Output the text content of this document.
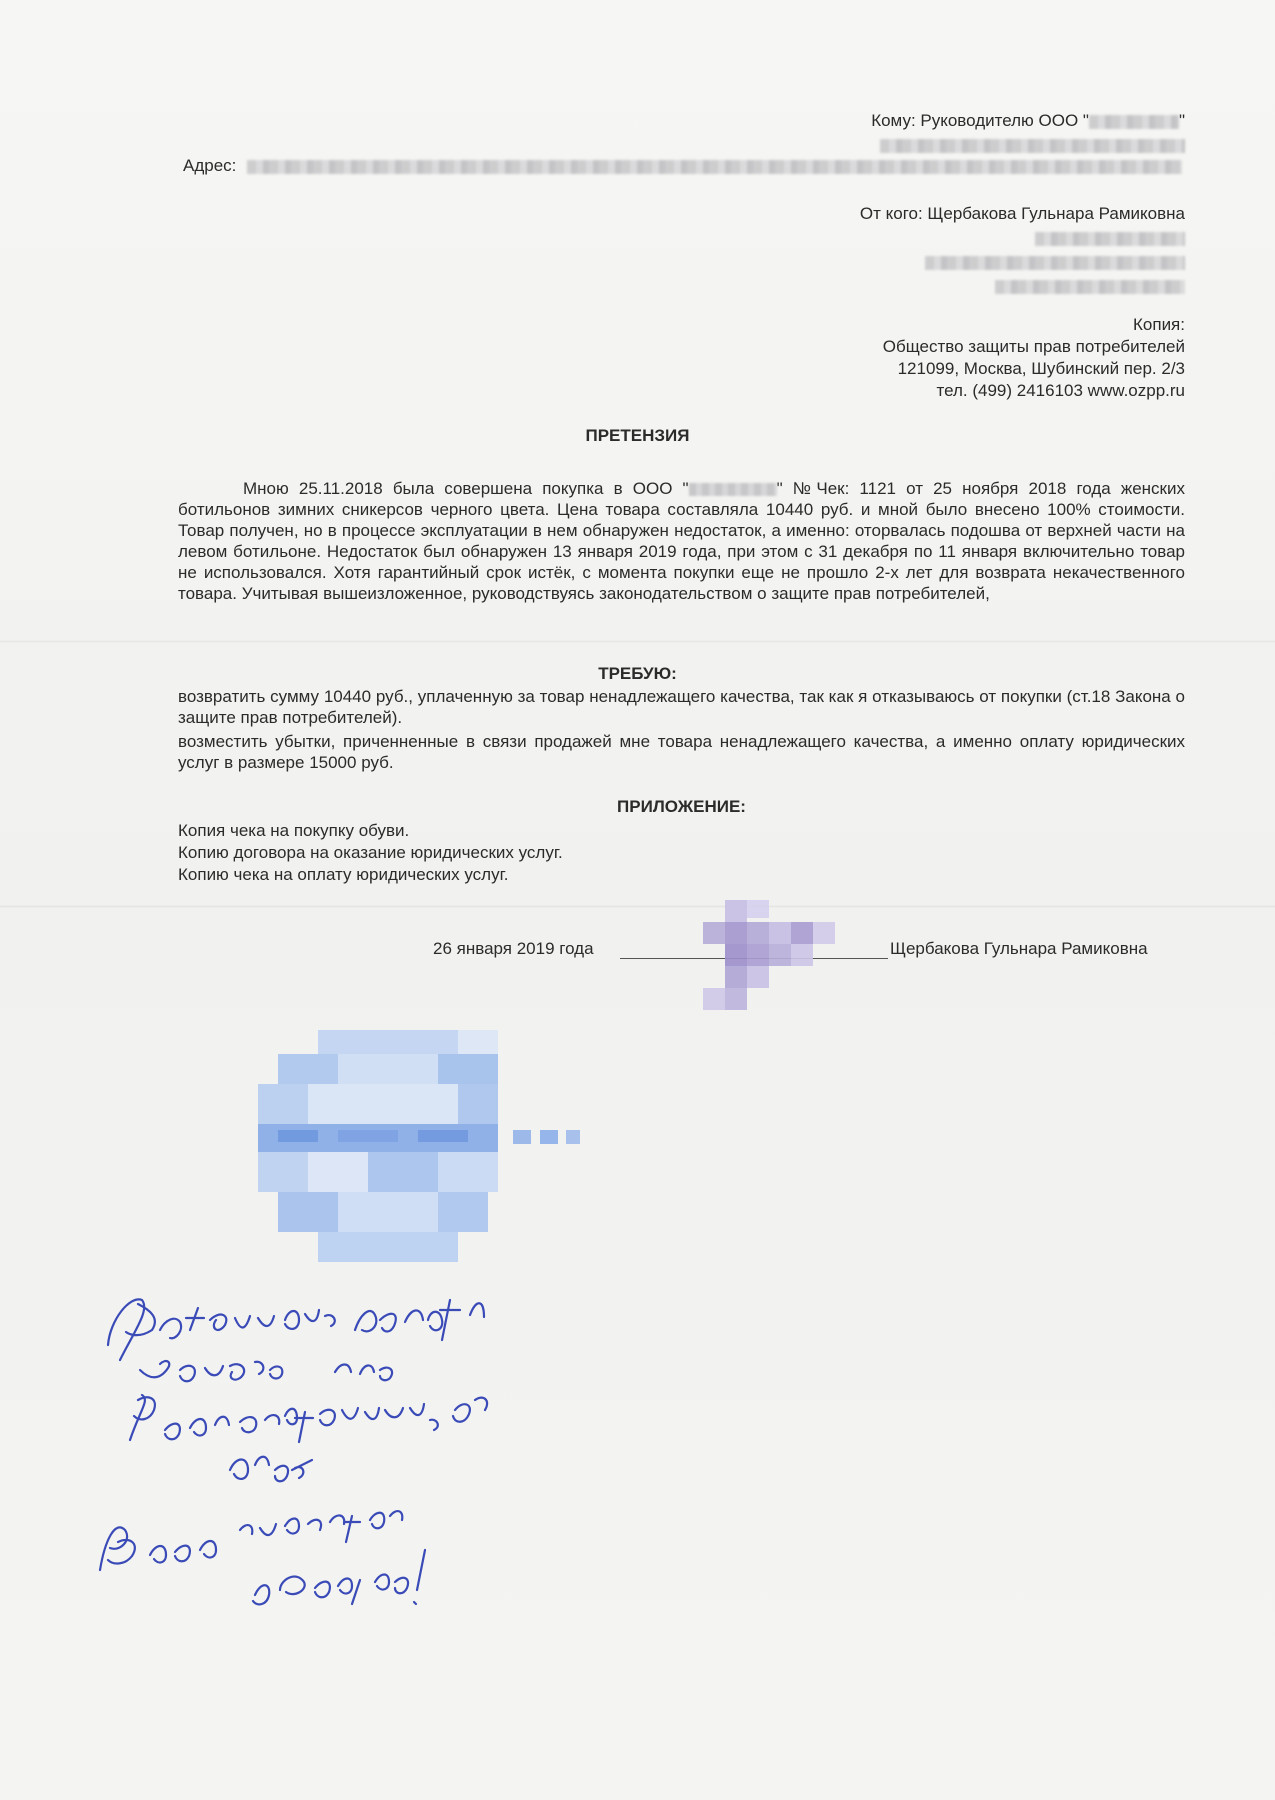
Кому: Руководителю ООО "	"
Адрес:
От кого: Щербакова Гульнара Рамиковна
Копия:
Общество защиты прав потребителей
121099, Москва, Шубинский пер. 2/3
тел. (499) 2416103 www.ozpp.ru
ПРЕТЕНЗИЯ
Мною 25.11.2018 была совершена покупка в ООО "	" №Чек: 1121 от 25 ноября 2018 года женских ботильонов зимних сникерсов черного цвета. Цена товара составляла 10440 руб. и мной было внесено 100% стоимости. Товар получен, но в процессе эксплуатации в нем обнаружен недостаток, а именно: оторвалась подошва от верхней части на левом ботильоне. Недостаток был обнаружен 13 января 2019 года, при этом с 31 декабря по 11 января включительно товар не использовался. Хотя гарантийный срок истёк, с момента покупки еще не прошло 2-х лет для возврата некачественного товара. Учитывая вышеизложенное, руководствуясь законодательством о защите прав потребителей,
ТРЕБУЮ:
возвратить сумму 10440 руб., уплаченную за товар ненадлежащего качества, так как я отказываюсь от покупки (ст.18 Закона о защите прав потребителей).
возместить убытки, приченненные в связи продажей мне товара ненадлежащего качества, а именно оплату юридических услуг в размере 15000 руб.
ПРИЛОЖЕНИЕ:
Копия чека на покупку обуви.
Копию договора на оказание юридических услуг.
Копию чека на оплату юридических услуг.
26 января 2019 года	Щербакова Гульнара Рамиковна
